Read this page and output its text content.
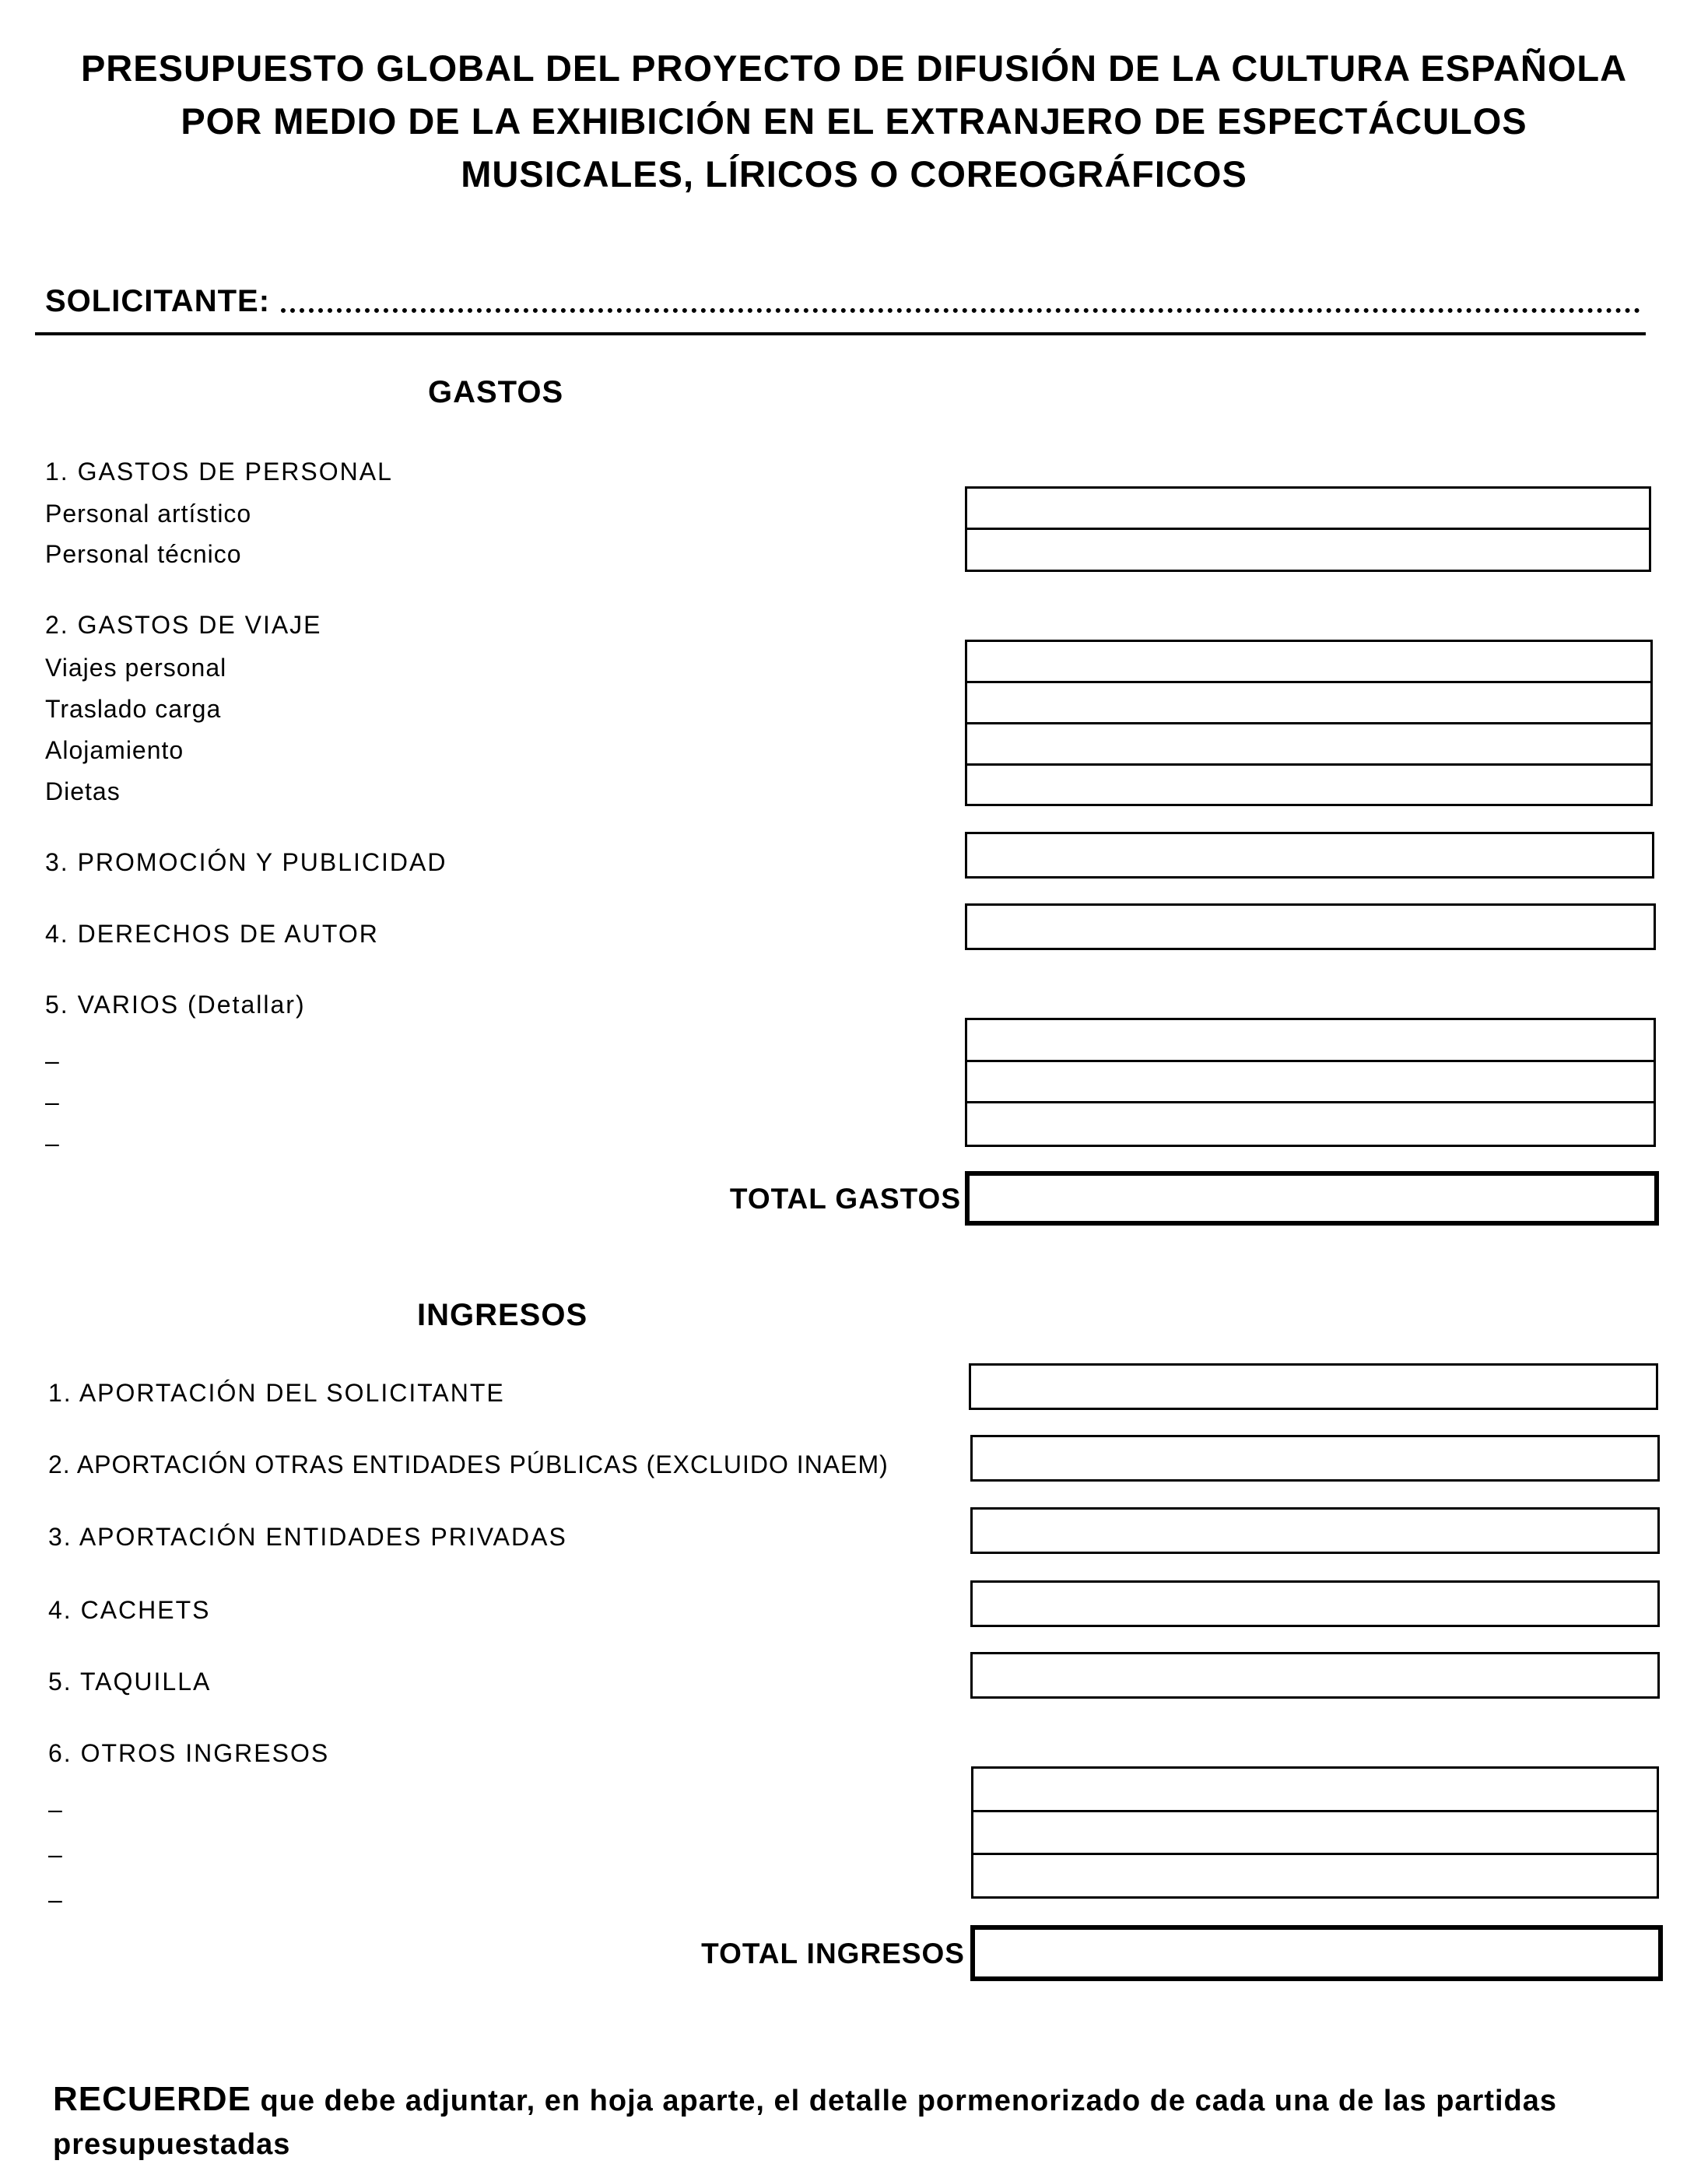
PRESUPUESTO GLOBAL DEL PROYECTO DE DIFUSIÓN DE LA CULTURA ESPAÑOLA
POR MEDIO DE LA EXHIBICIÓN EN EL EXTRANJERO DE ESPECTÁCULOS
MUSICALES, LÍRICOS O COREOGRÁFICOS
SOLICITANTE:
GASTOS
1. GASTOS DE PERSONAL
Personal artístico
Personal técnico
2. GASTOS DE VIAJE
Viajes personal
Traslado carga
Alojamiento
Dietas
3. PROMOCIÓN Y PUBLICIDAD
4. DERECHOS DE AUTOR
5. VARIOS (Detallar)
–
–
–
TOTAL GASTOS
INGRESOS
1. APORTACIÓN DEL SOLICITANTE
2. APORTACIÓN OTRAS ENTIDADES PÚBLICAS (EXCLUIDO INAEM)
3. APORTACIÓN ENTIDADES PRIVADAS
4. CACHETS
5. TAQUILLA
6. OTROS INGRESOS
–
–
–
TOTAL INGRESOS
RECUERDE que debe adjuntar, en hoja aparte, el detalle pormenorizado de cada una de las partidas presupuestadas
